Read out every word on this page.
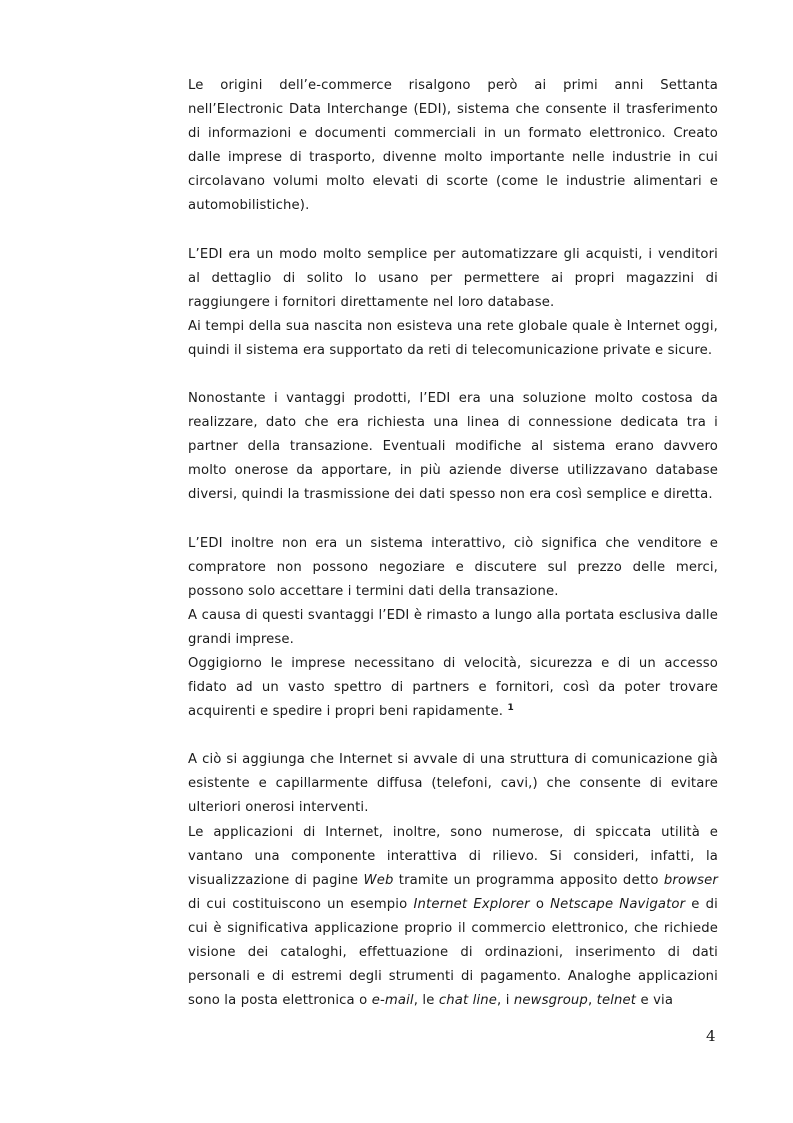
Le origini dell’e-commerce risalgono però ai primi anni Settanta nell’Electronic Data Interchange (EDI), sistema che consente il trasferimento di informazioni e documenti commerciali in un formato elettronico. Creato dalle imprese di trasporto, divenne molto importante nelle industrie in cui circolavano volumi molto elevati di scorte (come le industrie alimentari e automobilistiche).

L’EDI era un modo molto semplice per automatizzare gli acquisti, i venditori al dettaglio di solito lo usano per permettere ai propri magazzini di raggiungere i fornitori direttamente nel loro database.

Ai tempi della sua nascita non esisteva una rete globale quale è Internet oggi, quindi il sistema era supportato da reti di telecomunicazione private e sicure.

Nonostante i vantaggi prodotti, l’EDI era una soluzione molto costosa da realizzare, dato che era richiesta una linea di connessione dedicata tra i partner della transazione. Eventuali modifiche al sistema erano davvero molto onerose da apportare, in più aziende diverse utilizzavano database diversi, quindi la trasmissione dei dati spesso non era così semplice e diretta.

L’EDI inoltre non era un sistema interattivo, ciò significa che venditore e compratore non possono negoziare e discutere sul prezzo delle merci, possono solo accettare i termini dati della transazione.

A causa di questi svantaggi l’EDI è rimasto a lungo alla portata esclusiva dalle grandi imprese.

Oggigiorno le imprese necessitano di velocità, sicurezza e di un accesso fidato ad un vasto spettro di partners e fornitori, così da poter trovare acquirenti e spedire i propri beni rapidamente. $^1$

A ciò si aggiunga che Internet si avvale di una struttura di comunicazione già esistente e capillarmente diffusa (telefoni, cavi,) che consente di evitare ulteriori onerosi interventi.

Le applicazioni di Internet, inoltre, sono numerose, di spiccata utilità e vantano una componente interattiva di rilievo. Si consideri, infatti, la visualizzazione di pagine Web tramite un programma apposito detto browser di cui costituiscono un esempio Internet Explorer o Netscape Navigator e di cui è significativa applicazione proprio il commercio elettronico, che richiede visione dei cataloghi, effettuazione di ordinazioni, inserimento di dati personali e di estremi degli strumenti di pagamento. Analoghe applicazioni sono la posta elettronica o e-mail, le chat line, i newsgroup, telnet e via

4
